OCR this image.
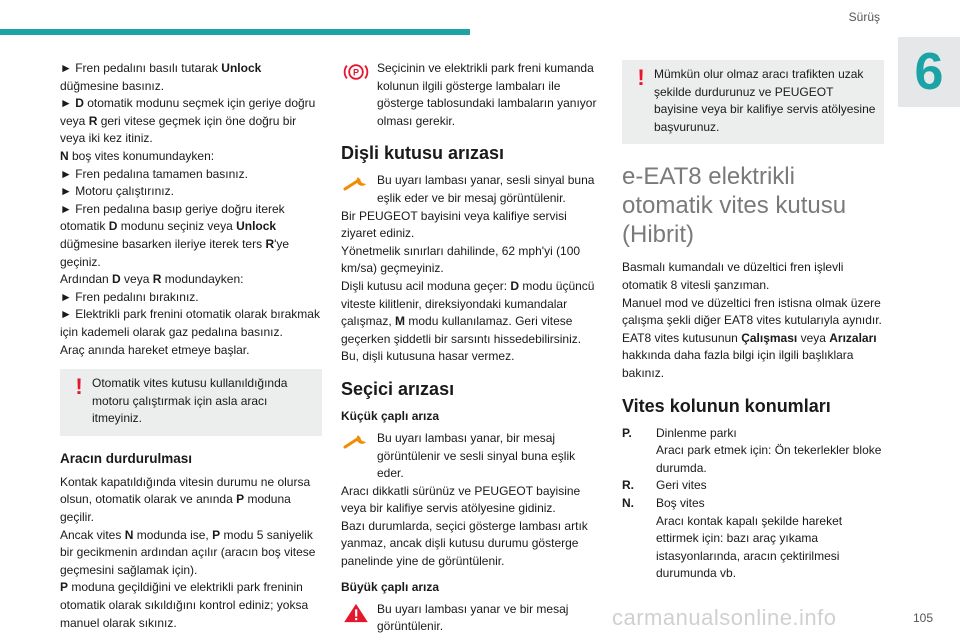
Sürüş
6

► Fren pedalını basılı tutarak Unlock düğmesine basınız.

► D otomatik modunu seçmek için geriye doğru veya R geri vitese geçmek için öne doğru bir veya iki kez itiniz.

N boş vites konumundayken:

► Fren pedalına tamamen basınız.

► Motoru çalıştırınız.

► Fren pedalına basıp geriye doğru iterek otomatik D modunu seçiniz veya Unlock düğmesine basarken ileriye iterek ters R'ye geçiniz.

Ardından D veya R modundayken:

► Fren pedalını bırakınız.

► Elektrikli park frenini otomatik olarak bırakmak için kademeli olarak gaz pedalına basınız.

Araç anında hareket etmeye başlar.

! Otomatik vites kutusu kullanıldığında motoru çalıştırmak için asla aracı itmeyiniz.

Aracın durdurulması

Kontak kapatıldığında vitesin durumu ne olursa olsun, otomatik olarak ve anında P moduna geçilir.

Ancak vites N modunda ise, P modu 5 saniyelik bir gecikmenin ardından açılır (aracın boş vitese geçmesini sağlamak için).

P moduna geçildiğini ve elektrikli park freninin otomatik olarak sıkıldığını kontrol ediniz; yoksa manuel olarak sıkınız.

P	Seçicinin ve elektrikli park freni kumanda kolunun ilgili gösterge lambaları ile gösterge tablosundaki lambaların yanıyor olması gerekir.

Dişli kutusu arızası

Bu uyarı lambası yanar, sesli sinyal buna eşlik eder ve bir mesaj görüntülenir.

Bir PEUGEOT bayisini veya kalifiye servisi ziyaret ediniz.

Yönetmelik sınırları dahilinde, 62 mph'yi (100 km/sa) geçmeyiniz.

Dişli kutusu acil moduna geçer: D modu üçüncü viteste kilitlenir, direksiyondaki kumandalar çalışmaz, M modu kullanılamaz. Geri vitese geçerken şiddetli bir sarsıntı hissedebilirsiniz.

Bu, dişli kutusuna hasar vermez.

Seçici arızası
Küçük çaplı arıza

Bu uyarı lambası yanar, bir mesaj görüntülenir ve sesli sinyal buna eşlik eder.

Aracı dikkatli sürünüz ve PEUGEOT bayisine veya bir kalifiye servis atölyesine gidiniz.

Bazı durumlarda, seçici gösterge lambası artık yanmaz, ancak dişli kutusu durumu gösterge panelinde yine de görüntülenir.

Büyük çaplı arıza

Bu uyarı lambası yanar ve bir mesaj görüntülenir.

! Mümkün olur olmaz aracı trafikten uzak şekilde durdurunuz ve PEUGEOT bayisine veya bir kalifiye servis atölyesine başvurunuz.

e-EAT8 elektrikli otomatik vites kutusu (Hibrit)

Basmalı kumandalı ve düzeltici fren işlevli otomatik 8 vitesli şanzıman.

Manuel mod ve düzeltici fren istisna olmak üzere çalışma şekli diğer EAT8 vites kutularıyla aynıdır.

EAT8 vites kutusunun Çalışması veya Arızaları hakkında daha fazla bilgi için ilgili başlıklara bakınız.

Vites kolunun konumları
P.	Dinlenme parkı
Aracı park etmek için: Ön tekerlekler bloke durumda.
R.	Geri vites
N.	Boş vites
Aracı kontak kapalı şekilde hareket ettirmek için: bazı araç yıkama istasyonlarında, aracın çektirilmesi durumunda vb.
carmanualsonline.info	105
